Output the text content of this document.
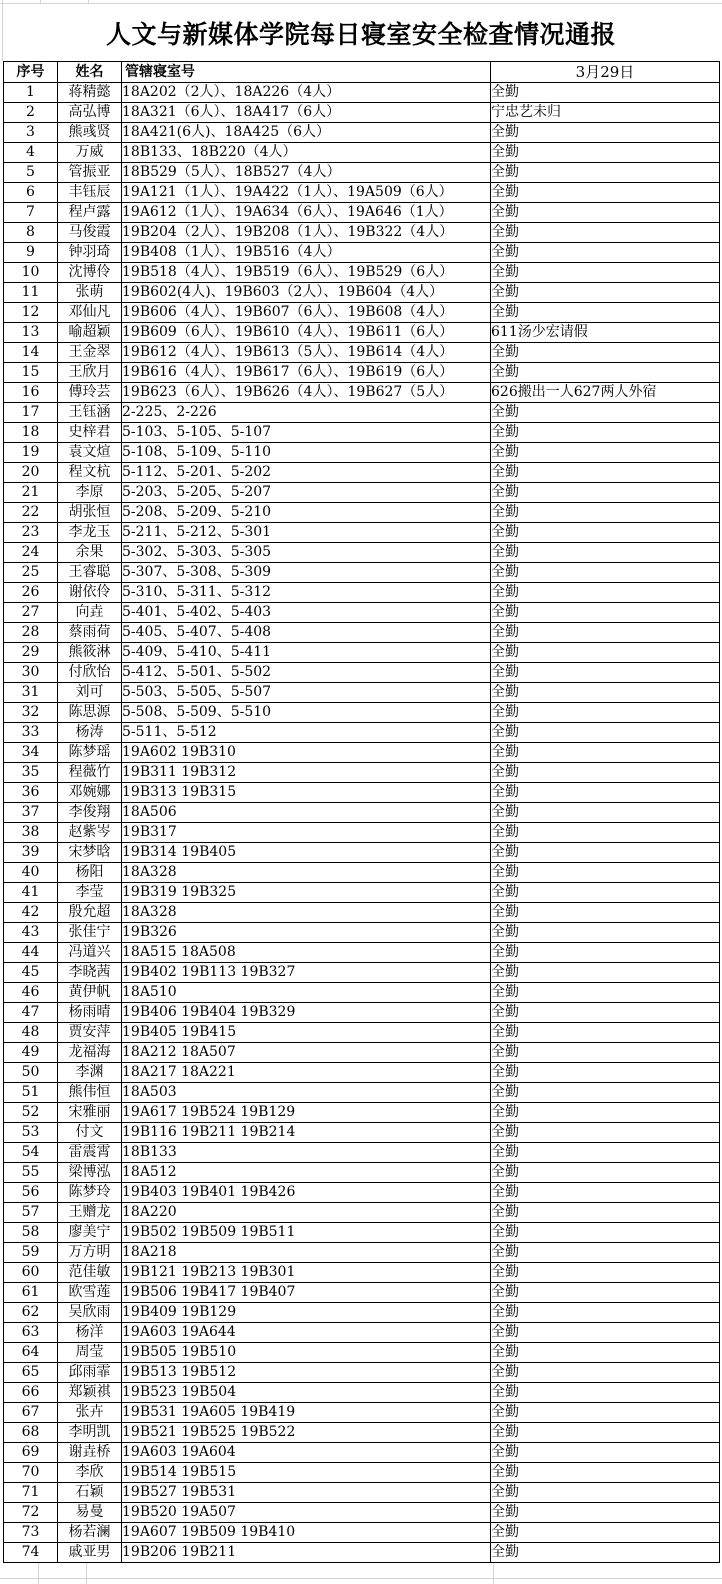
人文与新媒体学院每日寝室安全检查情况通报
序号	姓名	管辖寝室号	3月29日
1	蒋精懿	18A202（2人）、18A226（4人）	全勤
2	高弘博	18A321（6人）、18A417（6人）	宁忠艺未归
3	熊彧贤	18A421(6人)、18A425（6人）	全勤
4	万威	18B133、18B220（4人）	全勤
5	管振亚	18B529（5人）、18B527（4人）	全勤
6	丰钰辰	19A121（1人）、19A422（1人）、19A509（6人）	全勤
7	程卢露	19A612（1人）、19A634（6人）、19A646（1人）	全勤
8	马俊霞	19B204（2人）、19B208（1人）、19B322（4人）	全勤
9	钟羽琦	19B408（1人）、19B516（4人）	全勤
10	沈博伶	19B518（4人）、19B519（6人）、19B529（6人）	全勤
11	张萌	19B602(4人)、19B603（2人）、19B604（4人）	全勤
12	邓仙凡	19B606（4人）、19B607（6人）、19B608（4人）	全勤
13	喻超颖	19B609（6人）、19B610（4人）、19B611（6人）	611汤少宏请假
14	王金翠	19B612（4人）、19B613（5人）、19B614（4人）	全勤
15	王欣月	19B616（4人）、19B617（6人）、19B619（6人）	全勤
16	傅玲芸	19B623（6人）、19B626（4人）、19B627（5人）	626搬出一人627两人外宿
17	王钰涵	2-225、2-226	全勤
18	史梓君	5-103、5-105、5-107	全勤
19	袁文煊	5-108、5-109、5-110	全勤
20	程文杭	5-112、5-201、5-202	全勤
21	李原	5-203、5-205、5-207	全勤
22	胡张恒	5-208、5-209、5-210	全勤
23	李龙玉	5-211、5-212、5-301	全勤
24	余果	5-302、5-303、5-305	全勤
25	王睿聪	5-307、5-308、5-309	全勤
26	谢依伶	5-310、5-311、5-312	全勤
27	向垚	5-401、5-402、5-403	全勤
28	蔡雨荷	5-405、5-407、5-408	全勤
29	熊筱淋	5-409、5-410、5-411	全勤
30	付欣怡	5-412、5-501、5-502	全勤
31	刘可	5-503、5-505、5-507	全勤
32	陈思源	5-508、5-509、5-510	全勤
33	杨涛	5-511、5-512	全勤
34	陈梦瑶	19A602 19B310	全勤
35	程薇竹	19B311 19B312	全勤
36	邓婉娜	19B313 19B315	全勤
37	李俊翔	18A506	全勤
38	赵紫岑	19B317	全勤
39	宋梦晗	19B314 19B405	全勤
40	杨阳	18A328	全勤
41	李莹	19B319 19B325	全勤
42	殷允超	18A328	全勤
43	张佳宁	19B326	全勤
44	冯道兴	18A515 18A508	全勤
45	李晓茜	19B402 19B113 19B327	全勤
46	黄伊帆	18A510	全勤
47	杨雨晴	19B406 19B404 19B329	全勤
48	贾安萍	19B405 19B415	全勤
49	龙福海	18A212 18A507	全勤
50	李渊	18A217 18A221	全勤
51	熊伟恒	18A503	全勤
52	宋雅丽	19A617 19B524 19B129	全勤
53	付文	19B116 19B211 19B214	全勤
54	雷震霄	18B133	全勤
55	梁博泓	18A512	全勤
56	陈梦玲	19B403 19B401 19B426	全勤
57	王赠龙	18A220	全勤
58	廖美宁	19B502 19B509 19B511	全勤
59	万方明	18A218	全勤
60	范佳敏	19B121 19B213 19B301	全勤
61	欧雪莲	19B506 19B417 19B407	全勤
62	吴欣雨	19B409 19B129	全勤
63	杨洋	19A603 19A644	全勤
64	周莹	19B505 19B510	全勤
65	邱雨霏	19B513 19B512	全勤
66	郑颖祺	19B523 19B504	全勤
67	张卉	19B531 19A605 19B419	全勤
68	李明凯	19B521 19B525 19B522	全勤
69	谢垚桥	19A603 19A604	全勤
70	李欣	19B514 19B515	全勤
71	石颖	19B527 19B531	全勤
72	易曼	19B520 19A507	全勤
73	杨若澜	19A607 19B509 19B410	全勤
74	戚亚男	19B206 19B211	全勤
